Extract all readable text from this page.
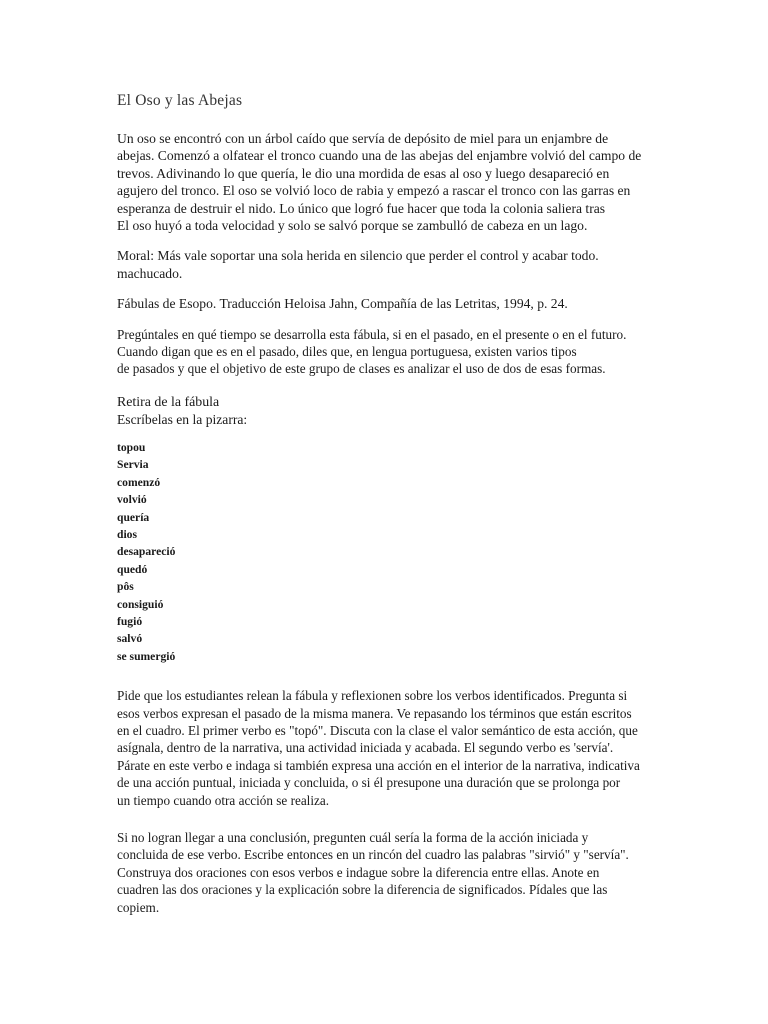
El Oso y las Abejas
Un oso se encontró con un árbol caído que servía de depósito de miel para un enjambre de
abejas. Comenzó a olfatear el tronco cuando una de las abejas del enjambre volvió del campo de
trevos. Adivinando lo que quería, le dio una mordida de esas al oso y luego desapareció en
agujero del tronco. El oso se volvió loco de rabia y empezó a rascar el tronco con las garras en
esperanza de destruir el nido. Lo único que logró fue hacer que toda la colonia saliera tras
El oso huyó a toda velocidad y solo se salvó porque se zambulló de cabeza en un lago.
Moral: Más vale soportar una sola herida en silencio que perder el control y acabar todo.
machucado.
Fábulas de Esopo. Traducción Heloisa Jahn, Compañía de las Letritas, 1994, p. 24.
Pregúntales en qué tiempo se desarrolla esta fábula, si en el pasado, en el presente o en el futuro.
Cuando digan que es en el pasado, diles que, en lengua portuguesa, existen varios tipos
de pasados y que el objetivo de este grupo de clases es analizar el uso de dos de esas formas.
Retira de la fábula
Escríbelas en la pizarra:
topou
Servia
comenzó
volvió
quería
dios
desapareció
quedó
pôs
consiguió
fugió
salvó
se sumergió
Pide que los estudiantes relean la fábula y reflexionen sobre los verbos identificados. Pregunta si
esos verbos expresan el pasado de la misma manera. Ve repasando los términos que están escritos
en el cuadro. El primer verbo es "topó". Discuta con la clase el valor semántico de esta acción, que
asígnala, dentro de la narrativa, una actividad iniciada y acabada. El segundo verbo es 'servía'.
Párate en este verbo e indaga si también expresa una acción en el interior de la narrativa, indicativa
de una acción puntual, iniciada y concluida, o si él presupone una duración que se prolonga por
un tiempo cuando otra acción se realiza.
Si no logran llegar a una conclusión, pregunten cuál sería la forma de la acción iniciada y
concluida de ese verbo. Escribe entonces en un rincón del cuadro las palabras "sirvió" y "servía".
Construya dos oraciones con esos verbos e indague sobre la diferencia entre ellas. Anote en
cuadren las dos oraciones y la explicación sobre la diferencia de significados. Pídales que las
copiem.
